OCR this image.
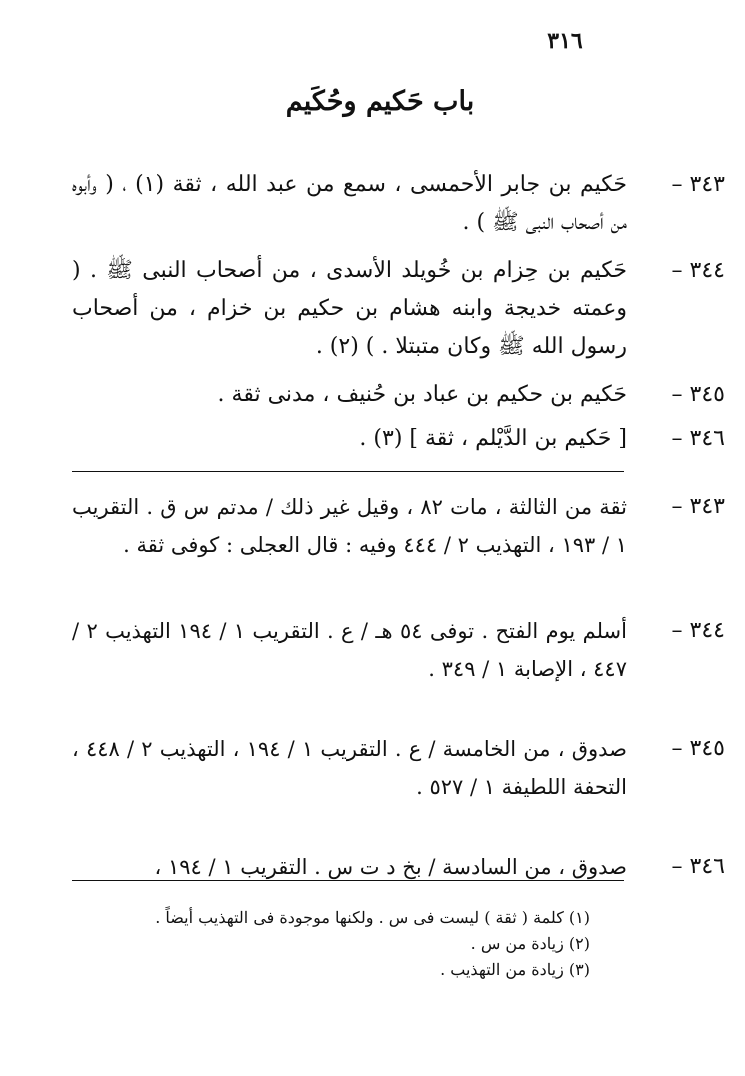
٣١٦
باب حَكيم وحُكَيم
٣٤٣ –
حَكيم بن جابر الأحمسى ، سمع من عبد الله ، ثقة (١) ، ( وأبوه من أصحاب النبى ﷺ ) .
٣٤٤ –
حَكيم بن حِزام بن خُويلد الأسدى ، من أصحاب النبى ﷺ . ( وعمته خديجة وابنه هشام بن حكيم بن خزام ، من أصحاب رسول الله ﷺ وكان متبتلا . ) (٢) .
٣٤٥ –
حَكيم بن حكيم بن عباد بن حُنيف ، مدنى ثقة .
٣٤٦ –
[ حَكيم بن الدَّيْلم ، ثقة ] (٣) .
٣٤٣ –
ثقة من الثالثة ، مات ٨٢ ، وقيل غير ذلك / مدتم س ق . التقريب ١ / ١٩٣ ، التهذيب ٢ / ٤٤٤ وفيه : قال العجلى : كوفى ثقة .
٣٤٤ –
أسلم يوم الفتح . توفى ٥٤ هـ / ع . التقريب ١ / ١٩٤ التهذيب ٢ / ٤٤٧ ، الإصابة ١ / ٣٤٩ .
٣٤٥ –
صدوق ، من الخامسة / ع . التقريب ١ / ١٩٤ ، التهذيب ٢ / ٤٤٨ ، التحفة اللطيفة ١ / ٥٢٧ .
٣٤٦ –
صدوق ، من السادسة / بخ د ت س . التقريب ١ / ١٩٤ ،
(١) كلمة ( ثقة ) ليست فى س . ولكنها موجودة فى التهذيب أيضاً .
(٢) زيادة من س .
(٣) زيادة من التهذيب .
